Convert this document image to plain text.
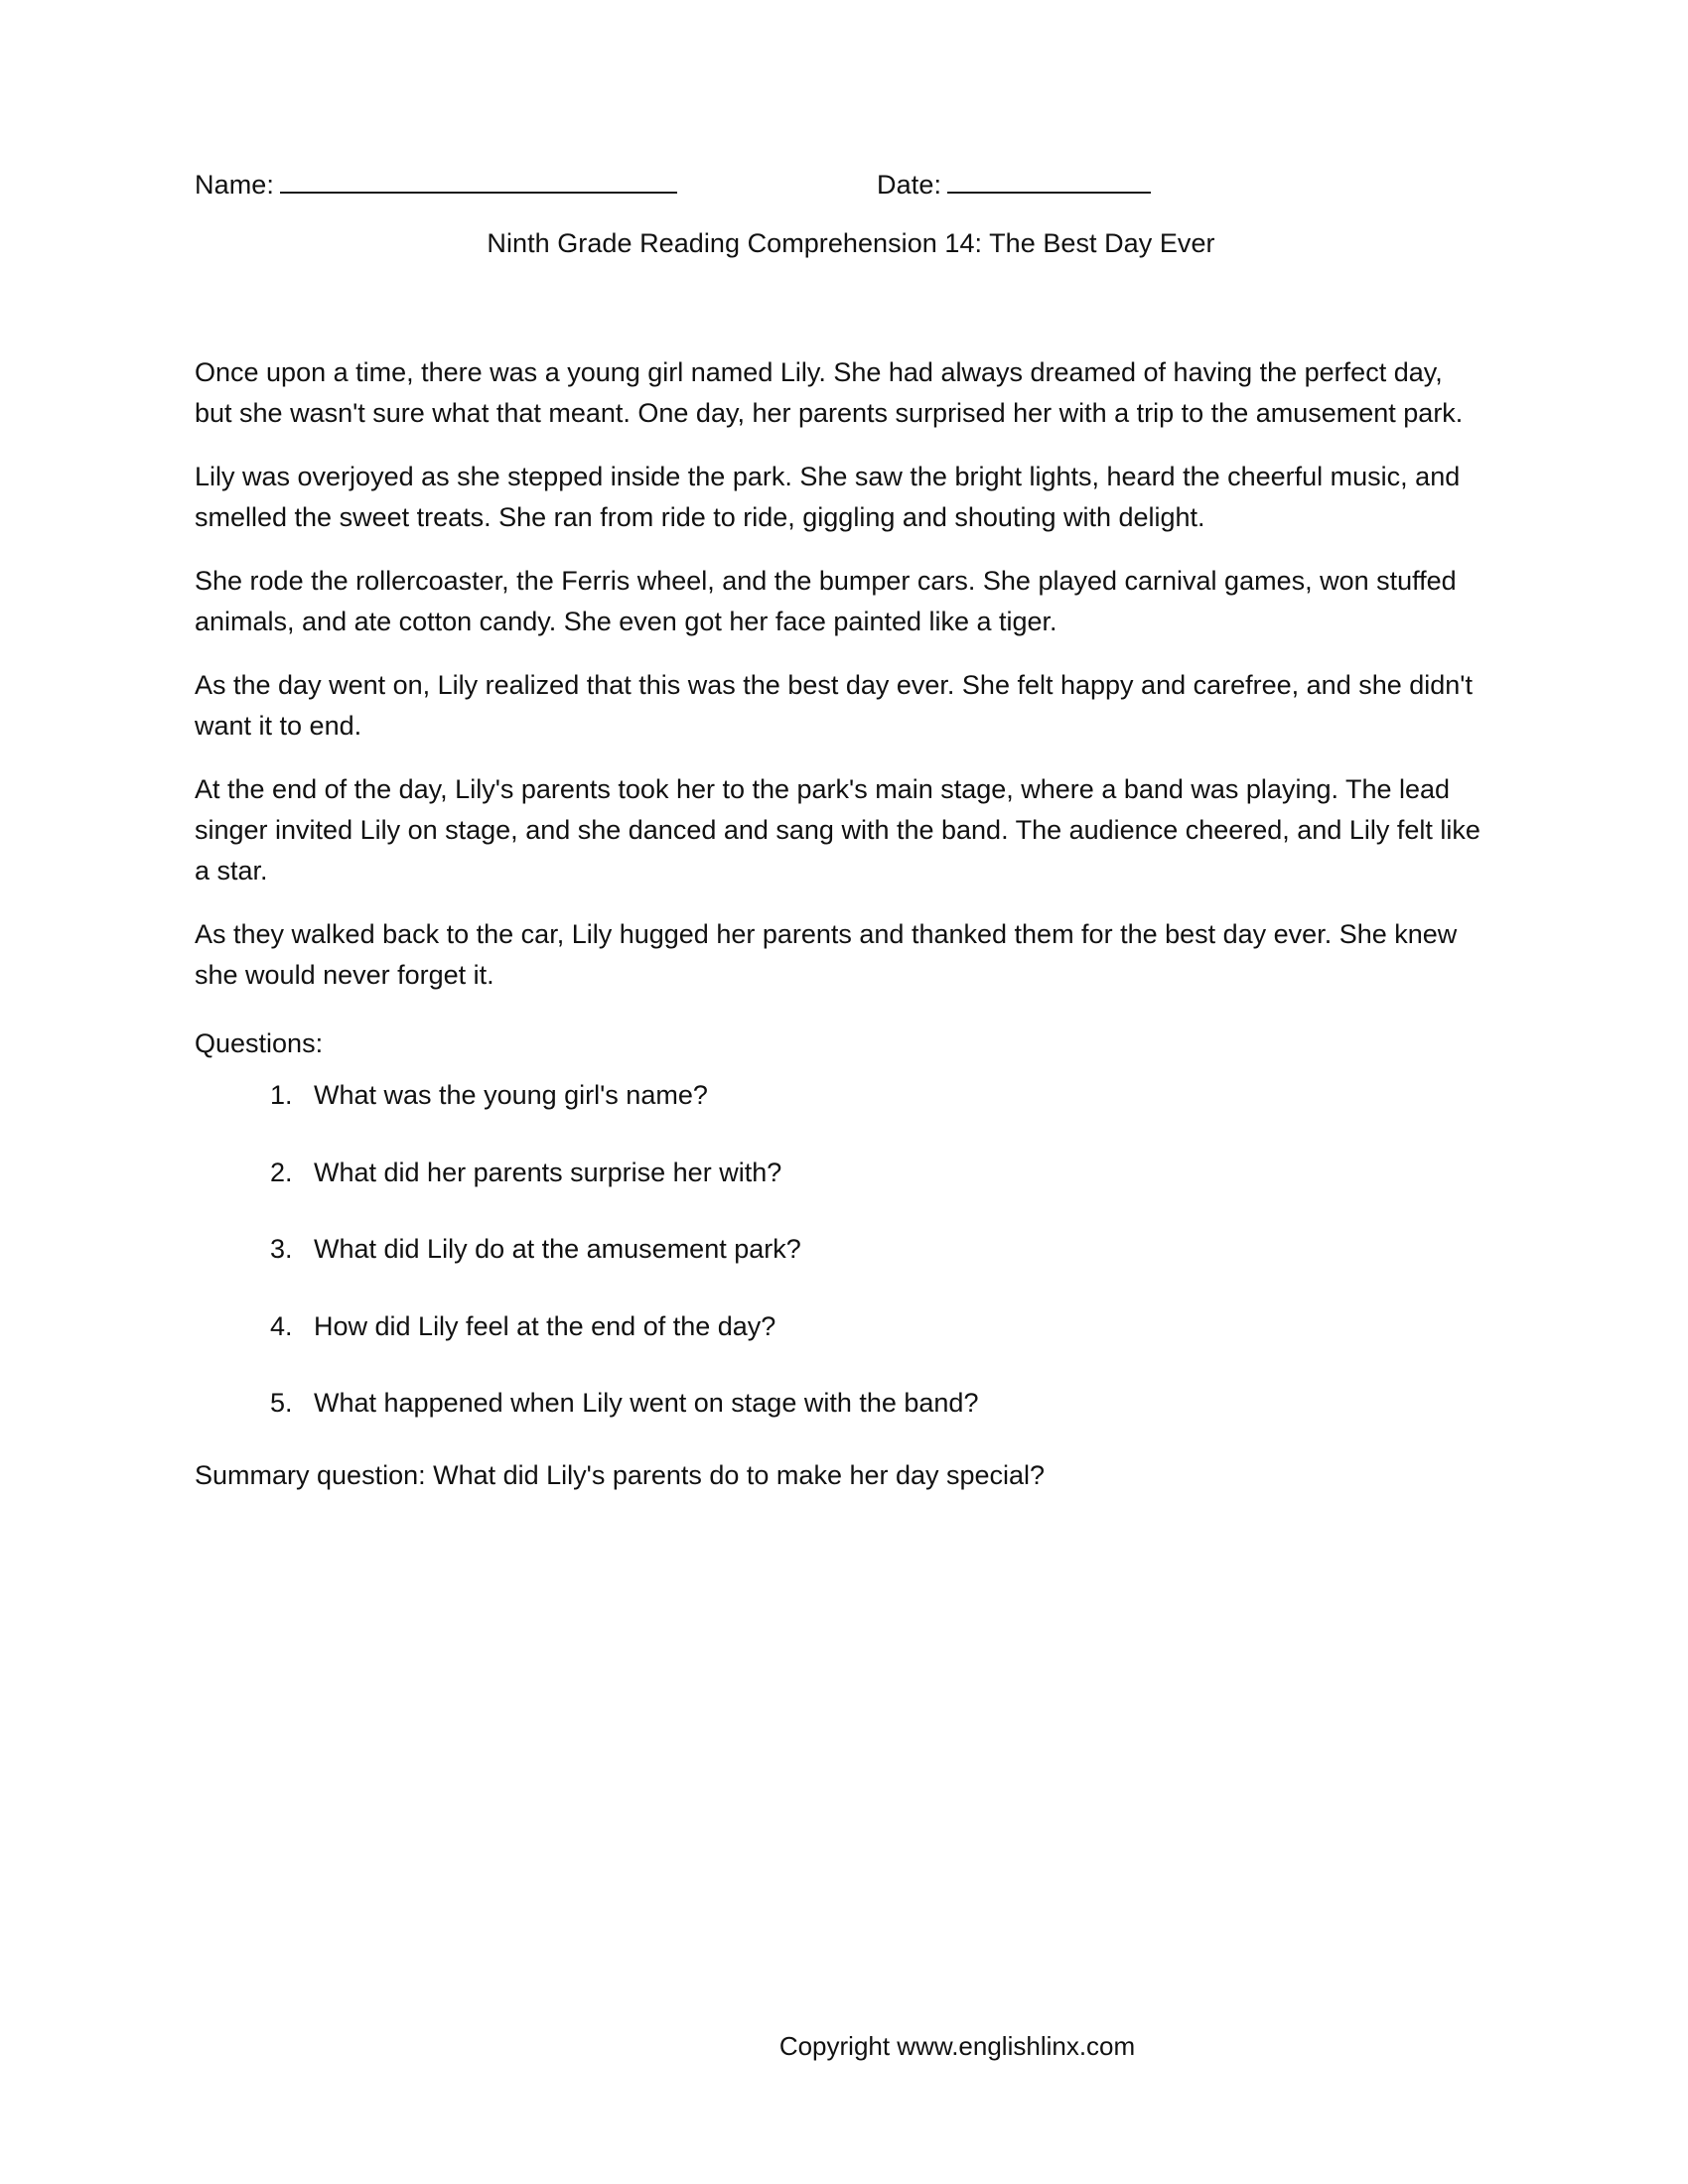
Name:	Date:
Ninth Grade Reading Comprehension 14: The Best Day Ever

Once upon a time, there was a young girl named Lily. She had always dreamed of having the perfect day, but she wasn't sure what that meant. One day, her parents surprised her with a trip to the amusement park.

Lily was overjoyed as she stepped inside the park. She saw the bright lights, heard the cheerful music, and smelled the sweet treats. She ran from ride to ride, giggling and shouting with delight.

She rode the rollercoaster, the Ferris wheel, and the bumper cars. She played carnival games, won stuffed animals, and ate cotton candy. She even got her face painted like a tiger.

As the day went on, Lily realized that this was the best day ever. She felt happy and carefree, and she didn't want it to end.

At the end of the day, Lily's parents took her to the park's main stage, where a band was playing. The lead singer invited Lily on stage, and she danced and sang with the band. The audience cheered, and Lily felt like a star.

As they walked back to the car, Lily hugged her parents and thanked them for the best day ever. She knew she would never forget it.

Questions:
1. What was the young girl's name?
2. What did her parents surprise her with?
3. What did Lily do at the amusement park?
4. How did Lily feel at the end of the day?
5. What happened when Lily went on stage with the band?
Summary question: What did Lily's parents do to make her day special?
Copyright www.englishlinx.com
